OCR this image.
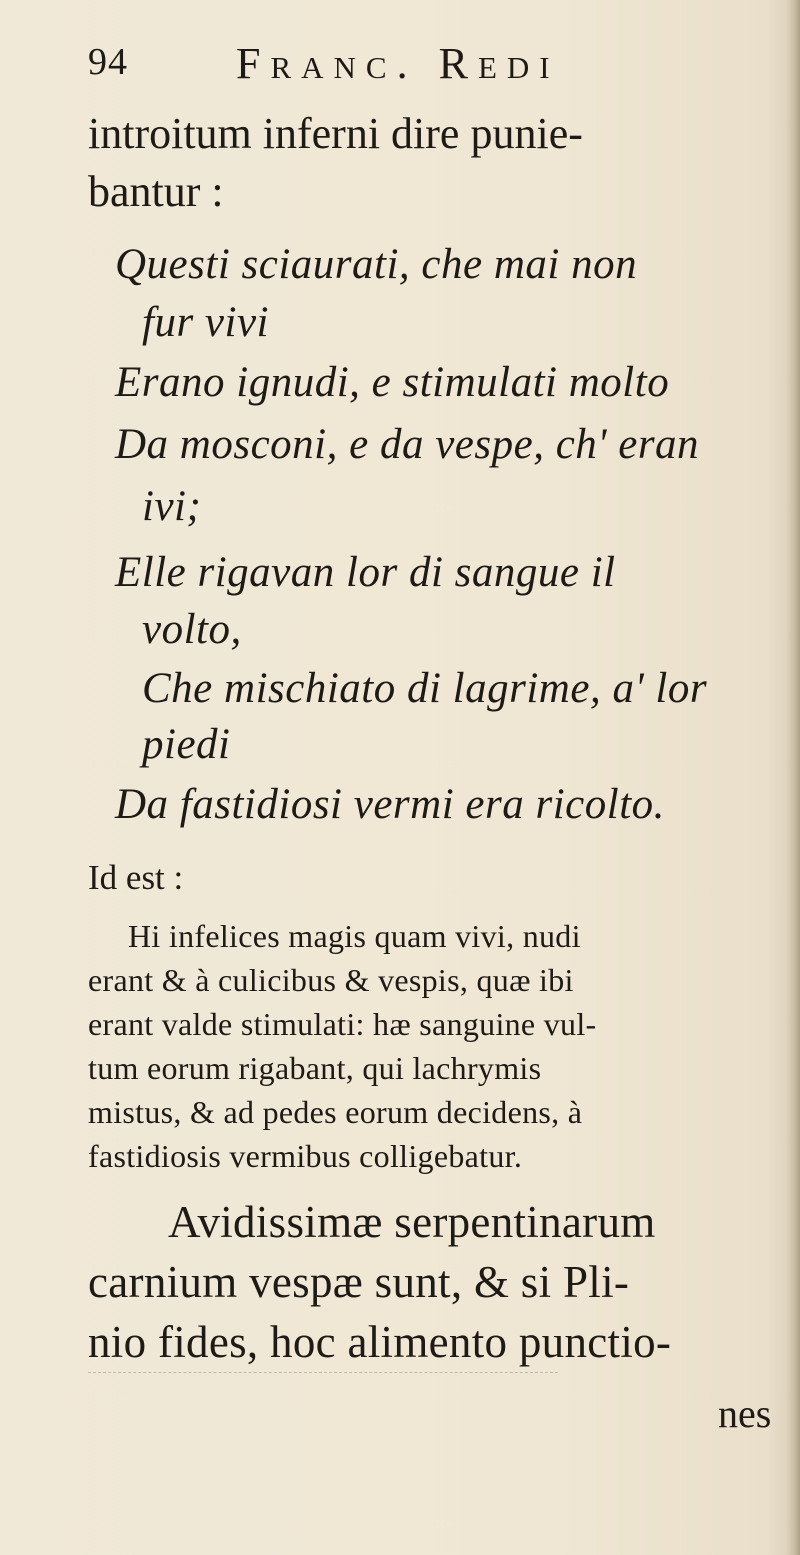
94 Franc. Redi
introitum inferni dire punie-
bantur :
Questi sciaurati, che mai non
fur vivi
Erano ignudi, e stimulati molto
Da mosconi, e da vespe, ch' eran
ivi;
Elle rigavan lor di sangue il
volto,
Che mischiato di lagrime, a' lor
piedi
Da fastidiosi vermi era ricolto.
Id est :
Hi infelices magis quam vivi, nudi
erant & à culicibus & vespis, quæ ibi
erant valde stimulati: hæ sanguine vul-
tum eorum rigabant, qui lachrymis
mistus, & ad pedes eorum decidens, à
fastidiosis vermibus colligebatur.
Avidissimæ serpentinarum
carnium vespæ sunt, & si Pli-
nio fides, hoc alimento punctio-
nes
